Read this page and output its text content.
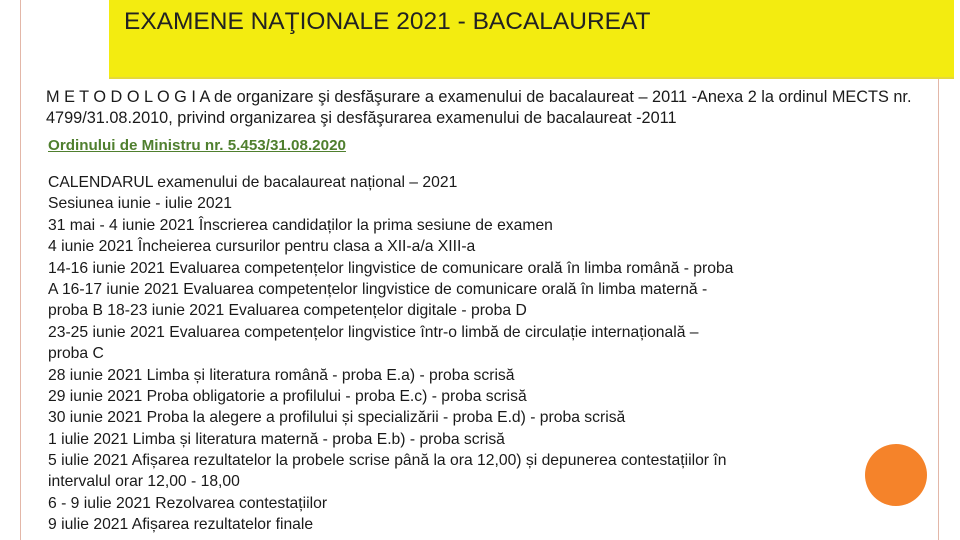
EXAMENE NAŢIONALE 2021 - BACALAUREAT

M E T O D O L O G I A de organizare şi desfăşurare a examenului de bacalaureat – 2011 -Anexa 2 la ordinul MECTS nr. 4799/31.08.2010, privind organizarea şi desfăşurarea examenului de bacalaureat -2011

Ordinului de Ministru nr. 5.453/31.08.2020
CALENDARUL examenului de bacalaureat național – 2021
Sesiunea iunie - iulie 2021
31 mai - 4 iunie 2021 Înscrierea candidaților la prima sesiune de examen
4 iunie 2021 Încheierea cursurilor pentru clasa a XII-a/a XIII-a
14-16 iunie 2021 Evaluarea competențelor lingvistice de comunicare orală în limba română - proba
A 16-17 iunie 2021 Evaluarea competențelor lingvistice de comunicare orală în limba maternă -
proba B 18-23 iunie 2021 Evaluarea competențelor digitale - proba D
23-25 iunie 2021 Evaluarea competențelor lingvistice într-o limbă de circulație internațională –
proba C
28 iunie 2021 Limba și literatura română - proba E.a) - proba scrisă
29 iunie 2021 Proba obligatorie a profilului - proba E.c) - proba scrisă
30 iunie 2021 Proba la alegere a profilului și specializării - proba E.d) - proba scrisă
1 iulie 2021 Limba și literatura maternă - proba E.b) - proba scrisă
5 iulie 2021 Afișarea rezultatelor la probele scrise până la ora 12,00) și depunerea contestațiilor în
intervalul orar 12,00 - 18,00
6 - 9 iulie 2021 Rezolvarea contestațiilor
9 iulie 2021 Afișarea rezultatelor finale
